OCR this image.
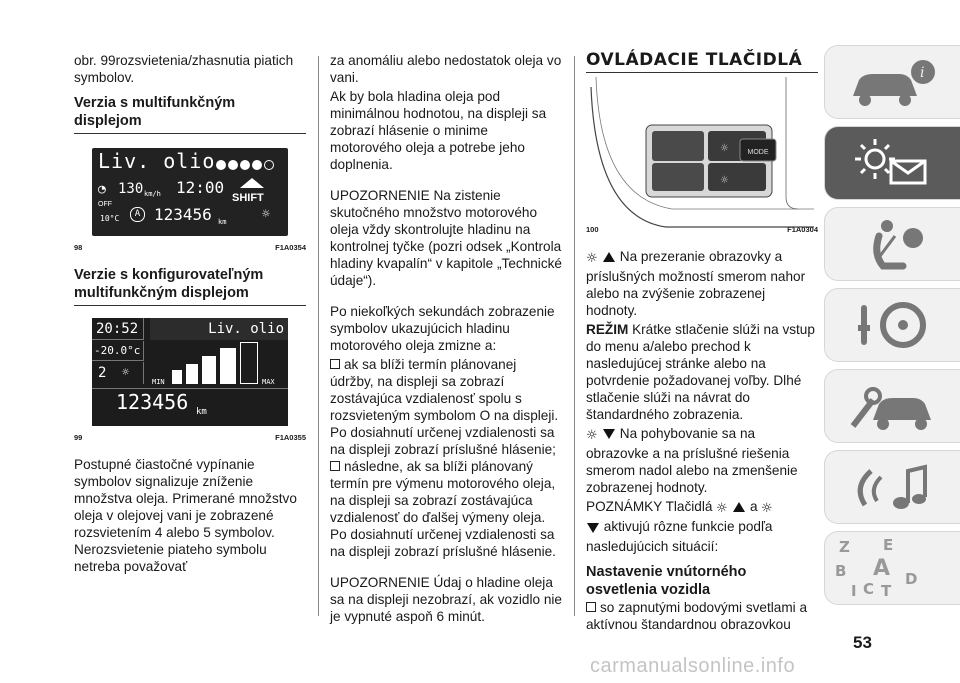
obr. 99rozsvietenia/zhasnutia piatich symbolov.

Verzia s multifunkčným displejom

Liv. olio
◔
OFF
130 km/h 12:00
SHIFT
10°C	A 123456 km	☼
98	F1A0354

Verzie s konfigurovateľným multifunkčným displejom

20:52	Liv. olio
-20.0°c
2	☼
MIN	MAX
123456 km
99	F1A0355

Postupné čiastočné vypínanie symbolov signalizuje zníženie množstva oleja. Primerané množstvo oleja v olejovej vani je zobrazené rozsvietením 4 alebo 5 symbolov. Nerozsvietenie piateho symbolu netreba považovať

za anomáliu alebo nedostatok oleja vo vani.

Ak by bola hladina oleja pod minimálnou hodnotou, na displeji sa zobrazí hlásenie o minime motorového oleja a potrebe jeho doplnenia.

UPOZORNENIE Na zistenie skutočného množstvo motorového oleja vždy skontrolujte hladinu na kontrolnej tyčke (pozri odsek „Kontrola hladiny kvapalín“ v kapitole „Technické údaje“).

Po niekoľkých sekundách zobrazenie symbolov ukazujúcich hladinu motorového oleja zmizne a:

ak sa blíži termín plánovanej údržby, na displeji sa zobrazí zostávajúca vzdialenosť spolu s rozsvieteným symbolom O na displeji. Po dosiahnutí určenej vzdialenosti sa na displeji zobrazí príslušné hlásenie;

následne, ak sa blíži plánovaný termín pre výmenu motorového oleja, na displeji sa zobrazí zostávajúca vzdialenosť do ďalšej výmeny oleja. Po dosiahnutí určenej vzdialenosti sa na displeji zobrazí príslušné hlásenie.

UPOZORNENIE Údaj o hladine oleja sa na displeji nezobrazí, ak vozidlo nie je vypnuté aspoň 6 minút.

OVLÁDACIE TLAČIDLÁ
MODE
☼
☼
100	F1A0304

☼ Na prezeranie obrazovky a príslušných možností smerom nahor alebo na zvýšenie zobrazenej hodnoty.

REŽIM Krátke stlačenie slúži na vstup do menu a/alebo prechod k nasledujúcej stránke alebo na potvrdenie požadovanej voľby. Dlhé stlačenie slúži na návrat do štandardného zobrazenia.

☼ Na pohybovanie sa na obrazovke a na príslušné riešenia smerom nadol alebo na zmenšenie zobrazenej hodnoty.

POZNÁMKY Tlačidlá ☼ a ☼

aktivujú rôzne funkcie podľa nasledujúcich situácií:

Nastavenie vnútorného osvetlenia vozidla

so zapnutými bodovými svetlami a aktívnou štandardnou obrazovkou

i
Z E
A
B
C
D
I T
53
carmanualsonline.info
